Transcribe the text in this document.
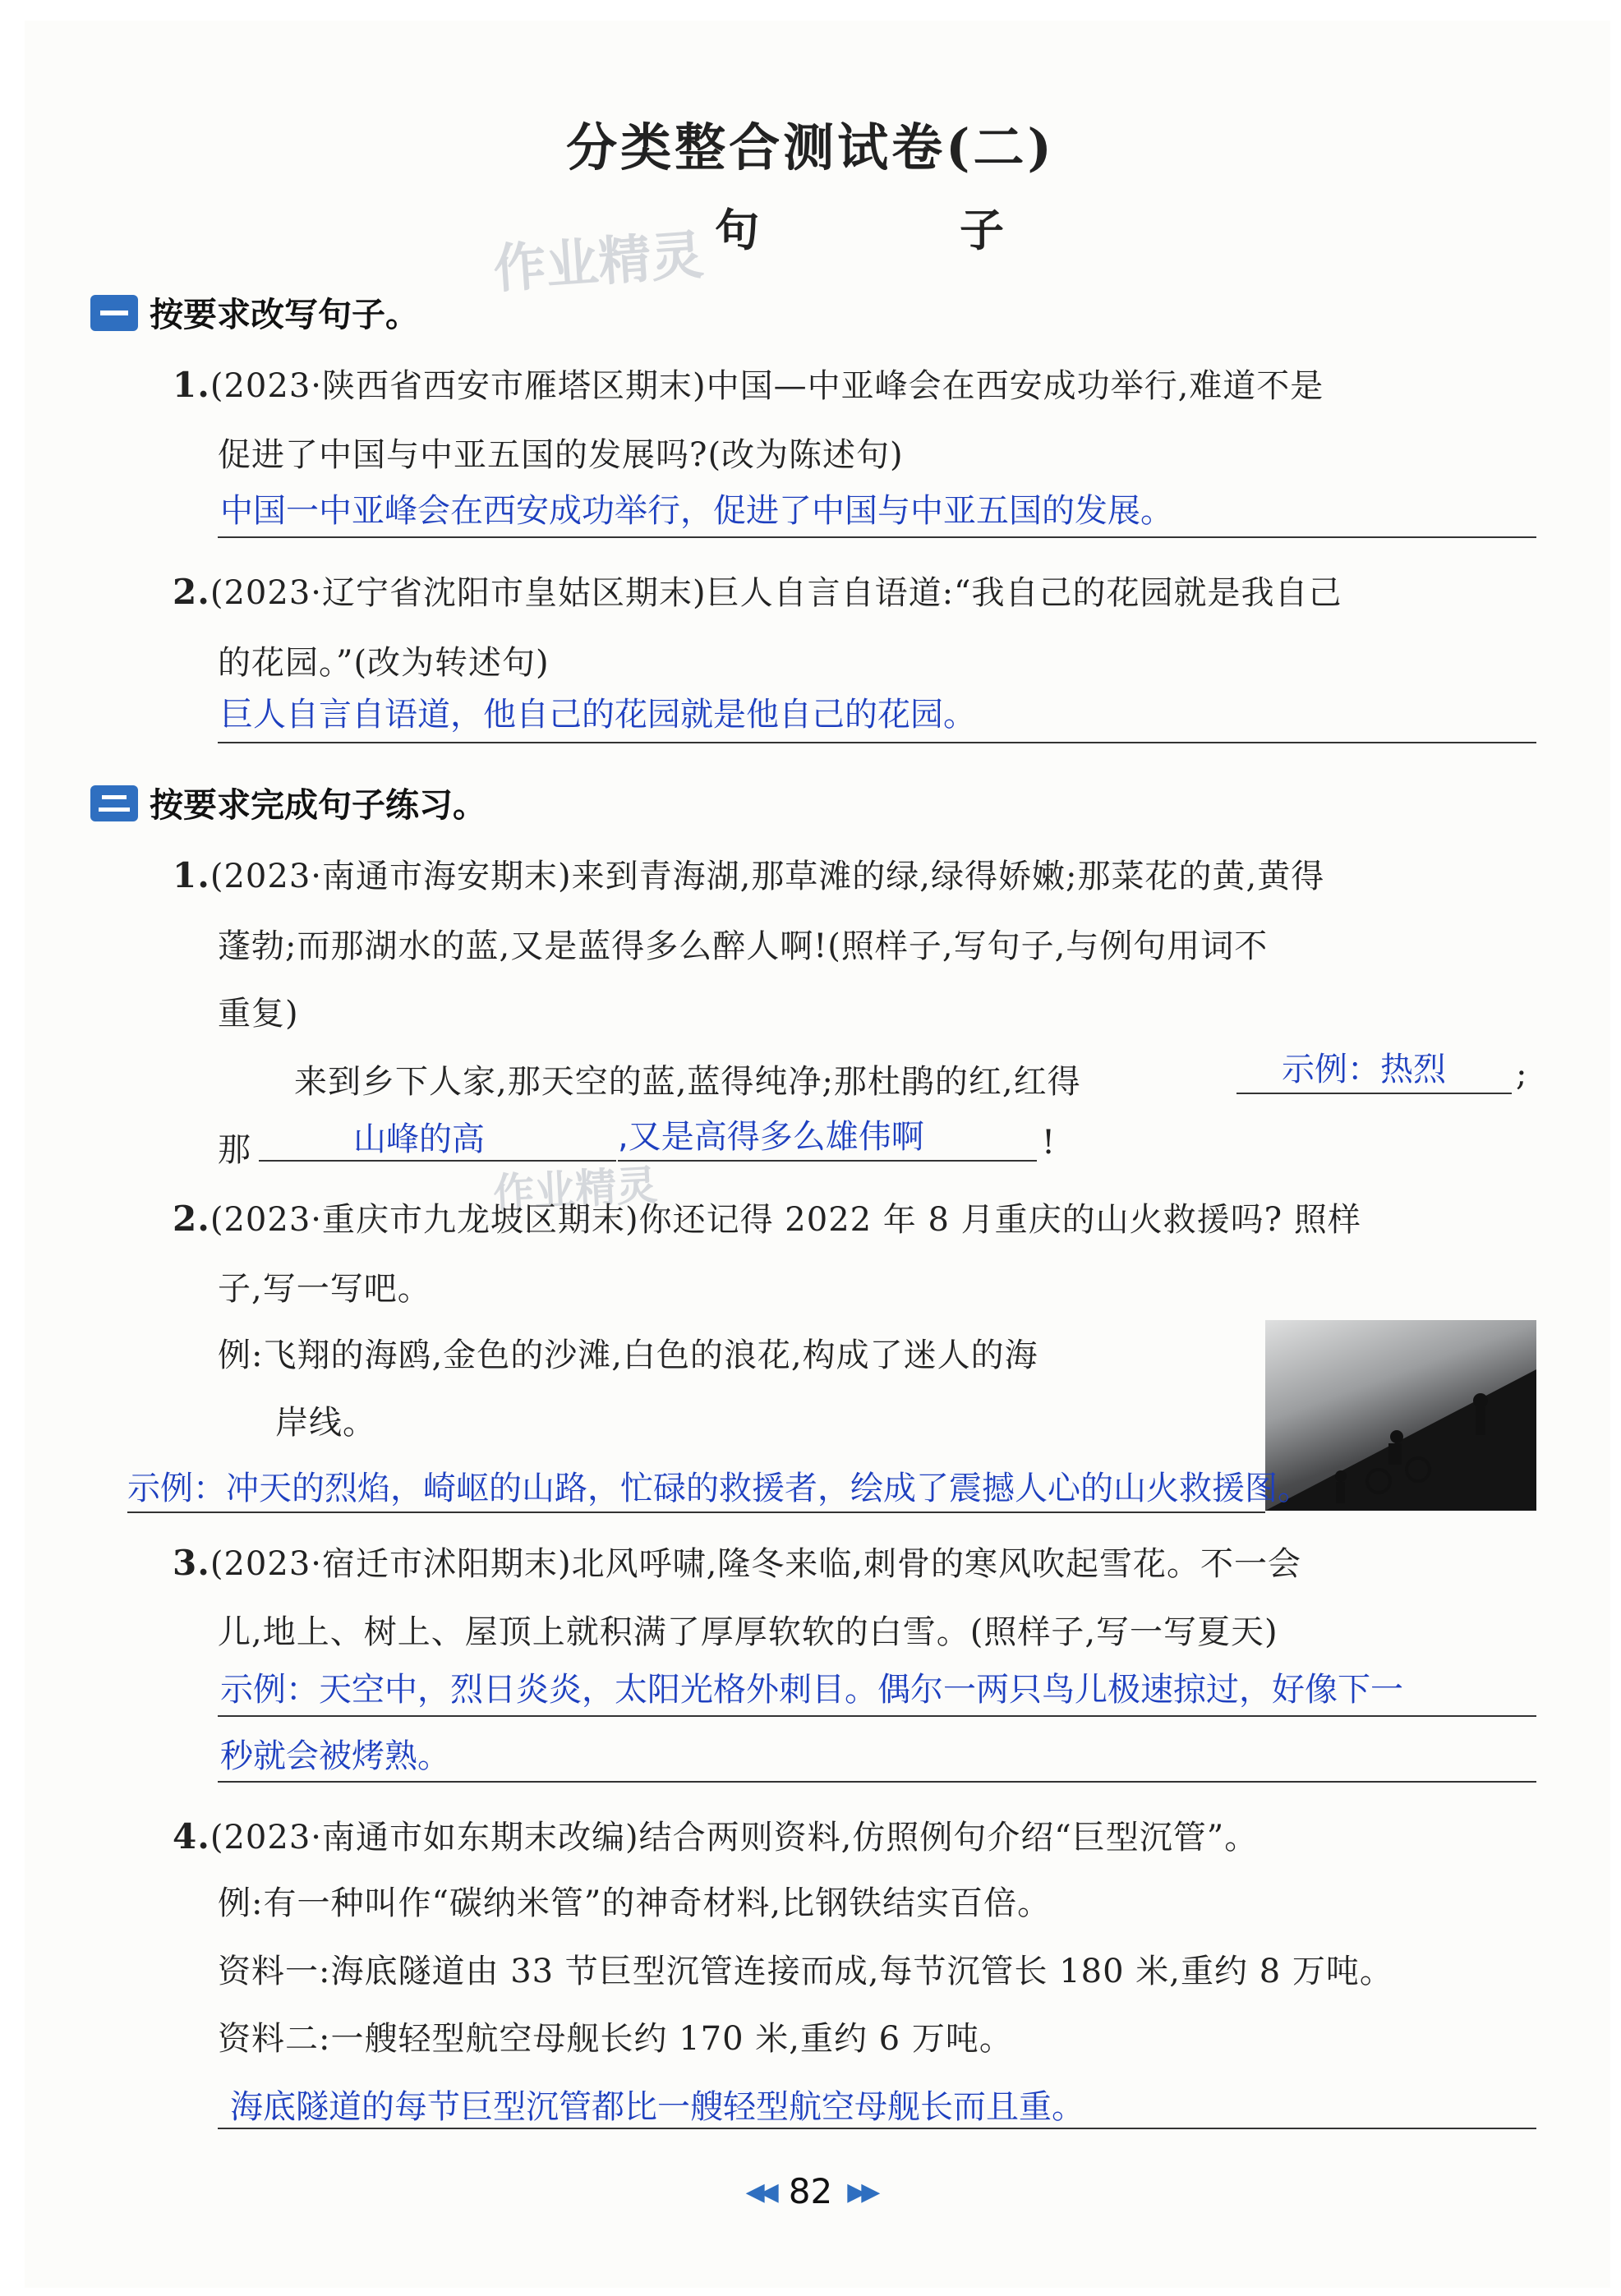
分类整合测试卷(二)
句　子
作业精灵
按要求改写句子。
1.(2023·陕西省西安市雁塔区期末)中国—中亚峰会在西安成功举行,难道不是
促进了中国与中亚五国的发展吗?(改为陈述句)
中国一中亚峰会在西安成功举行，促进了中国与中亚五国的发展。
2.(2023·辽宁省沈阳市皇姑区期末)巨人自言自语道:“我自己的花园就是我自己
的花园。”(改为转述句)
巨人自言自语道，他自己的花园就是他自己的花园。
按要求完成句子练习。
1.(2023·南通市海安期末)来到青海湖,那草滩的绿,绿得娇嫩;那菜花的黄,黄得
蓬勃;而那湖水的蓝,又是蓝得多么醉人啊!(照样子,写句子,与例句用词不
重复)
来到乡下人家,那天空的蓝,蓝得纯净;那杜鹃的红,红得	示例：热烈 ;
那	山峰的高	,又是高得多么雄伟啊	!
作业精灵
2.(2023·重庆市九龙坡区期末)你还记得 2022 年 8 月重庆的山火救援吗? 照样
子,写一写吧。
例:飞翔的海鸥,金色的沙滩,白色的浪花,构成了迷人的海
岸线。
示例：冲天的烈焰，崎岖的山路，忙碌的救援者，绘成了震撼人心的山火救援图。
3.(2023·宿迁市沭阳期末)北风呼啸,隆冬来临,刺骨的寒风吹起雪花。不一会
儿,地上、树上、屋顶上就积满了厚厚软软的白雪。(照样子,写一写夏天)
示例：天空中，烈日炎炎，太阳光格外刺目。偶尔一两只鸟儿极速掠过，好像下一
秒就会被烤熟。
4.(2023·南通市如东期末改编)结合两则资料,仿照例句介绍“巨型沉管”。
例:有一种叫作“碳纳米管”的神奇材料,比钢铁结实百倍。
资料一:海底隧道由 33 节巨型沉管连接而成,每节沉管长 180 米,重约 8 万吨。
资料二:一艘轻型航空母舰长约 170 米,重约 6 万吨。
海底隧道的每节巨型沉管都比一艘轻型航空母舰长而且重。
◀◀ 82 ▶▶
